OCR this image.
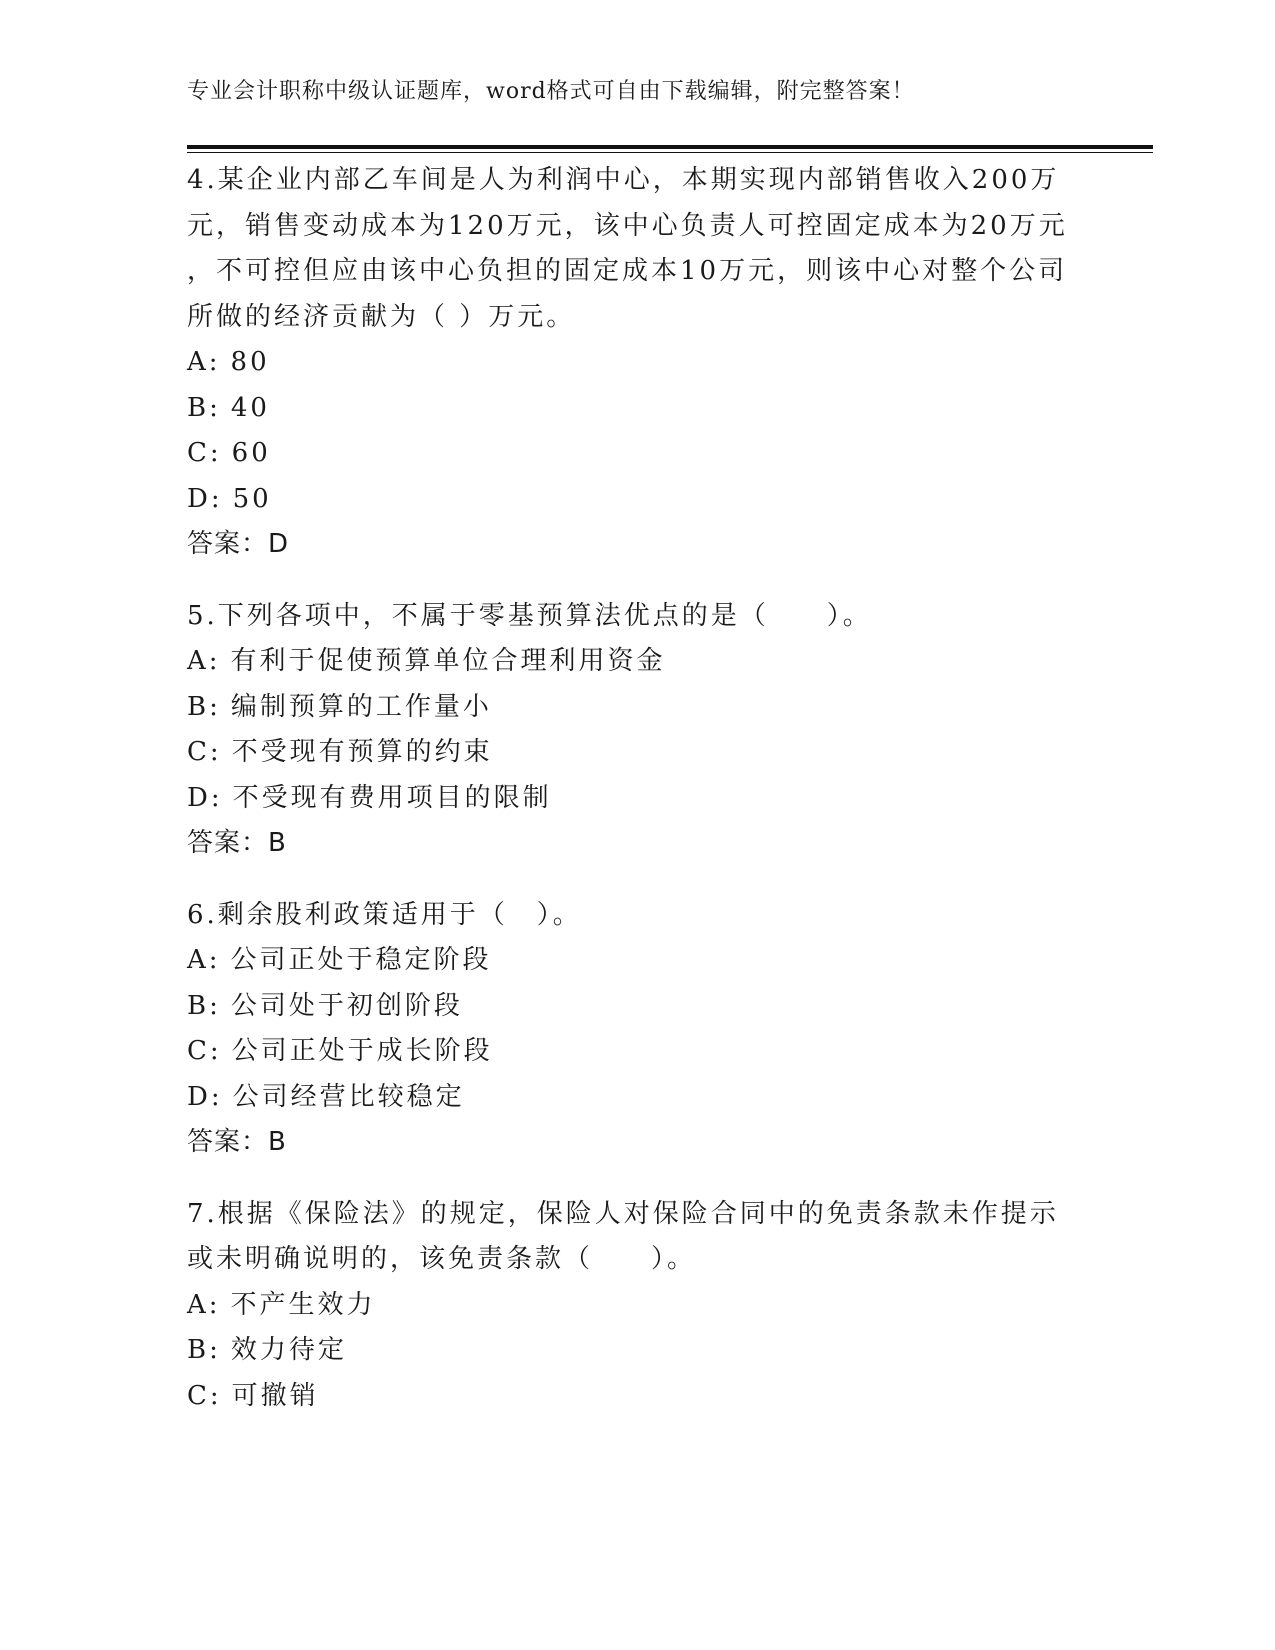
专业会计职称中级认证题库，word格式可自由下载编辑，附完整答案！
4.某企业内部乙车间是人为利润中心，本期实现内部销售收入200万
元，销售变动成本为120万元，该中心负责人可控固定成本为20万元
，不可控但应由该中心负担的固定成本10万元，则该中心对整个公司
所做的经济贡献为（ ）万元。
A: 80
B: 40
C: 60
D: 50
答案：D
5.下列各项中，不属于零基预算法优点的是（　　）。
A: 有利于促使预算单位合理利用资金
B: 编制预算的工作量小
C: 不受现有预算的约束
D: 不受现有费用项目的限制
答案：B
6.剩余股利政策适用于（　）。
A: 公司正处于稳定阶段
B: 公司处于初创阶段
C: 公司正处于成长阶段
D: 公司经营比较稳定
答案：B
7.根据《保险法》的规定，保险人对保险合同中的免责条款未作提示
或未明确说明的，该免责条款（　　）。
A: 不产生效力
B: 效力待定
C: 可撤销
